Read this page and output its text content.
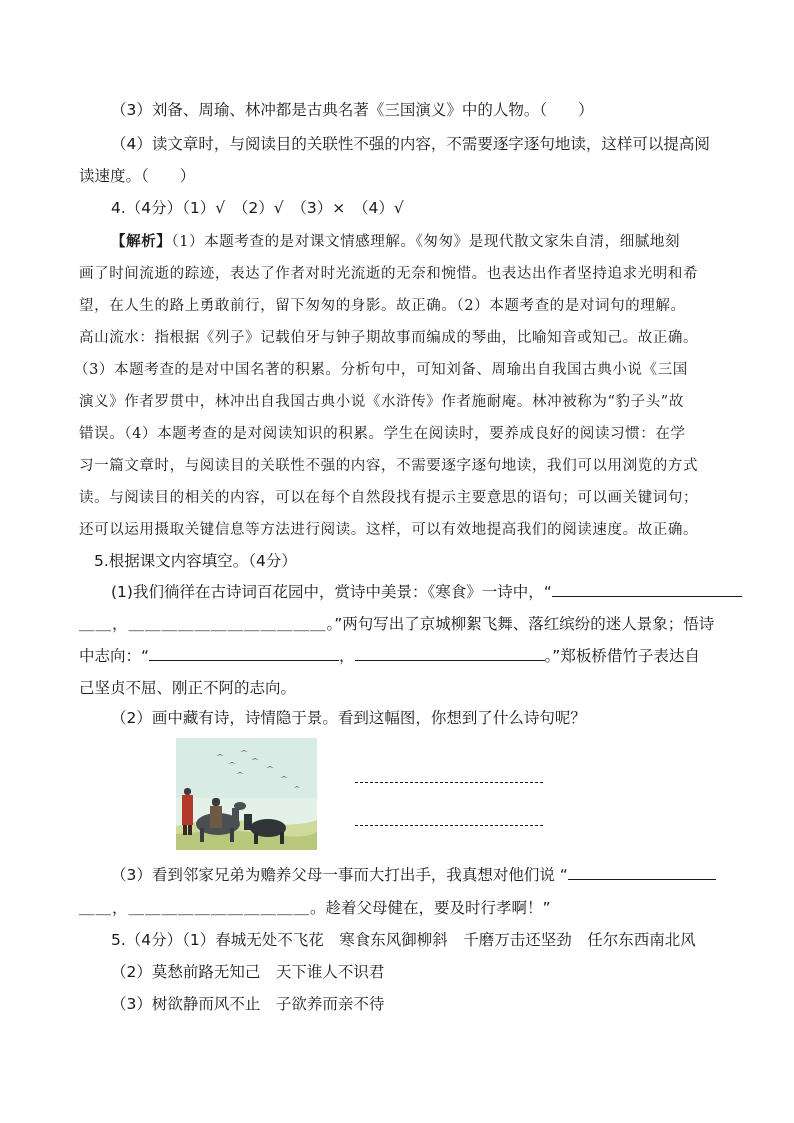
（3）刘备、周瑜、林冲都是古典名著《三国演义》中的人物。（　　）
（4）读文章时，与阅读目的关联性不强的内容，不需要逐字逐句地读，这样可以提高阅
读速度。（　　）
4.（4分）（1）√　（2）√　（3）×　（4）√
【解析】（1）本题考查的是对课文情感理解。《匆匆》是现代散文家朱自清，细腻地刻
画了时间流逝的踪迹，表达了作者对时光流逝的无奈和惋惜。也表达出作者坚持追求光明和希
望，在人生的路上勇敢前行，留下匆匆的身影。故正确。（2）本题考查的是对词句的理解。
高山流水：指根据《列子》记载伯牙与钟子期故事而编成的琴曲，比喻知音或知己。故正确。
（3）本题考查的是对中国名著的积累。分析句中，可知刘备、周瑜出自我国古典小说《三国
演义》作者罗贯中，林冲出自我国古典小说《水浒传》作者施耐庵。林冲被称为“豹子头”故
错误。（4）本题考查的是对阅读知识的积累。学生在阅读时，要养成良好的阅读习惯：在学
习一篇文章时，与阅读目的关联性不强的内容，不需要逐字逐句地读，我们可以用浏览的方式
读。与阅读目的相关的内容，可以在每个自然段找有提示主要意思的语句；可以画关键词句；
还可以运用摄取关键信息等方法进行阅读。这样，可以有效地提高我们的阅读速度。故正确。
5.根据课文内容填空。（4分）
(1)我们徜徉在古诗词百花园中，赏诗中美景：《寒食》一诗中，“
＿＿，＿＿＿＿＿＿＿＿＿＿＿＿。”两句写出了京城柳絮飞舞、落红缤纷的迷人景象；悟诗
中志向：“	，	。”郑板桥借竹子表达自
己坚贞不屈、刚正不阿的志向。
（2）画中藏有诗，诗情隐于景。看到这幅图，你想到了什么诗句呢？
（3）看到邻家兄弟为赡养父母一事而大打出手，我真想对他们说 “
＿＿，＿＿＿＿＿＿＿＿＿＿＿。趁着父母健在，要及时行孝啊！”
5.（4分）（1）春城无处不飞花　寒食东风御柳斜　千磨万击还坚劲　任尔东西南北风
（2）莫愁前路无知己　天下谁人不识君
（3）树欲静而风不止　子欲养而亲不待
